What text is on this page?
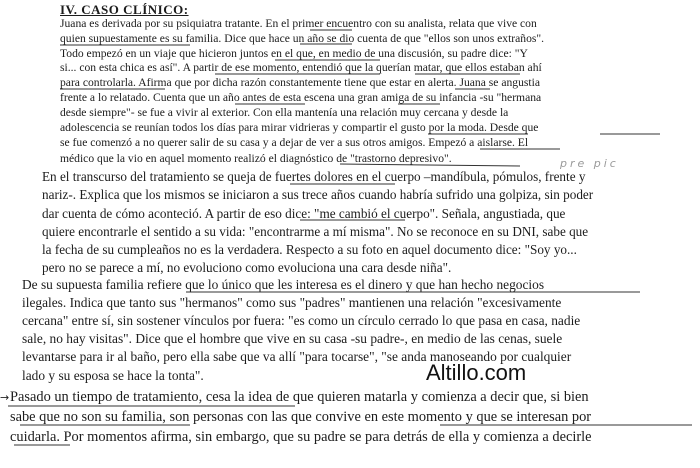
IV. CASO CLÍNICO:
Juana es derivada por su psiquiatra tratante. En el primer encuentro con su analista, relata que vive con
quien supuestamente es su familia. Dice que hace un año se dio cuenta de que "ellos son unos extraños".
Todo empezó en un viaje que hicieron juntos en el que, en medio de una discusión, su padre dice: "Y
si... con esta chica es así". A partir de ese momento, entendió que la querían matar, que ellos estaban ahí
para controlarla. Afirma que por dicha razón constantemente tiene que estar en alerta. Juana se angustia
frente a lo relatado. Cuenta que un año antes de esta escena una gran amiga de su infancia -su "hermana
desde siempre"- se fue a vivir al exterior. Con ella mantenía una relación muy cercana y desde la
adolescencia se reunían todos los días para mirar vidrieras y compartir el gusto por la moda. Desde que
se fue comenzó a no querer salir de su casa y a dejar de ver a sus otros amigos. Empezó a aislarse. El
médico que la vio en aquel momento realizó el diagnóstico de "trastorno depresivo".	pre pic
En el transcurso del tratamiento se queja de fuertes dolores en el cuerpo –mandíbula, pómulos, frente y
nariz-. Explica que los mismos se iniciaron a sus trece años cuando habría sufrido una golpiza, sin poder
dar cuenta de cómo aconteció. A partir de eso dice: "me cambió el cuerpo". Señala, angustiada, que
quiere encontrarle el sentido a su vida: "encontrarme a mí misma". No se reconoce en su DNI, sabe que
la fecha de su cumpleaños no es la verdadera. Respecto a su foto en aquel documento dice: "Soy yo...
pero no se parece a mí, no evoluciono como evoluciona una cara desde niña".
De su supuesta familia refiere que lo único que les interesa es el dinero y que han hecho negocios
ilegales. Indica que tanto sus "hermanos" como sus "padres" mantienen una relación "excesivamente
cercana" entre sí, sin sostener vínculos por fuera: "es como un círculo cerrado lo que pasa en casa, nadie
sale, no hay visitas". Dice que el hombre que vive en su casa -su padre-, en medio de las cenas, suele
levantarse para ir al baño, pero ella sabe que va allí "para tocarse", "se anda manoseando por cualquier
lado y su esposa se hace la tonta".	Altillo.com
→ Pasado un tiempo de tratamiento, cesa la idea de que quieren matarla y comienza a decir que, si bien
sabe que no son su familia, son personas con las que convive en este momento y que se interesan por
cuidarla. Por momentos afirma, sin embargo, que su padre se para detrás de ella y comienza a decirle
